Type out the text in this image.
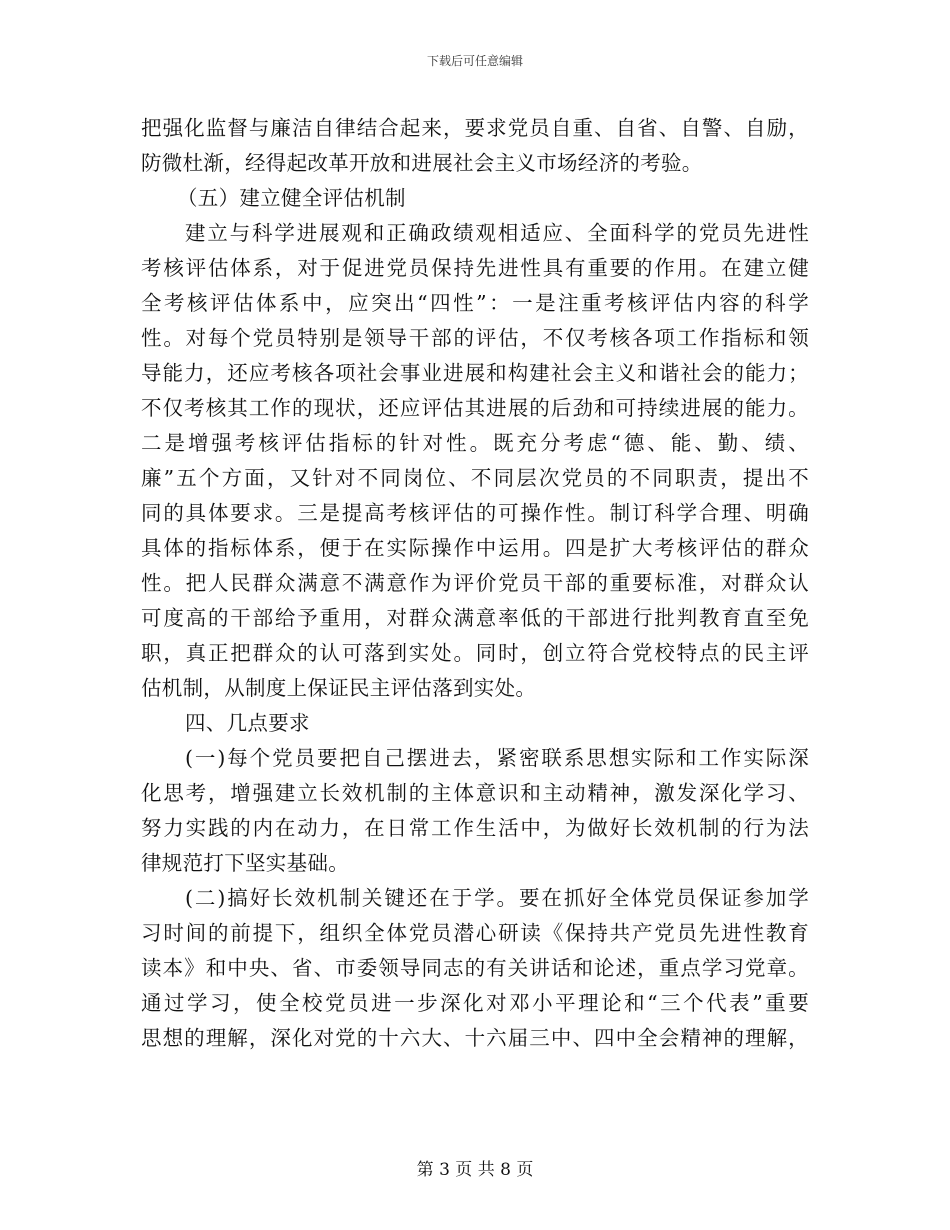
下载后可任意编辑
把强化监督与廉洁自律结合起来，要求党员自重、自省、自警、自励，
防微杜渐，经得起改革开放和进展社会主义市场经济的考验。
（五）建立健全评估机制
建立与科学进展观和正确政绩观相适应、全面科学的党员先进性
考核评估体系，对于促进党员保持先进性具有重要的作用。在建立健
全考核评估体系中，应突出“四性”：一是注重考核评估内容的科学
性。对每个党员特别是领导干部的评估，不仅考核各项工作指标和领
导能力，还应考核各项社会事业进展和构建社会主义和谐社会的能力；
不仅考核其工作的现状，还应评估其进展的后劲和可持续进展的能力。
二是增强考核评估指标的针对性。既充分考虑“德、能、勤、绩、
廉”五个方面，又针对不同岗位、不同层次党员的不同职责，提出不
同的具体要求。三是提高考核评估的可操作性。制订科学合理、明确
具体的指标体系，便于在实际操作中运用。四是扩大考核评估的群众
性。把人民群众满意不满意作为评价党员干部的重要标准，对群众认
可度高的干部给予重用，对群众满意率低的干部进行批判教育直至免
职，真正把群众的认可落到实处。同时，创立符合党校特点的民主评
估机制，从制度上保证民主评估落到实处。
四、几点要求
(一)每个党员要把自己摆进去，紧密联系思想实际和工作实际深
化思考，增强建立长效机制的主体意识和主动精神，激发深化学习、
努力实践的内在动力，在日常工作生活中，为做好长效机制的行为法
律规范打下坚实基础。
(二)搞好长效机制关键还在于学。要在抓好全体党员保证参加学
习时间的前提下，组织全体党员潜心研读《保持共产党员先进性教育
读本》和中央、省、市委领导同志的有关讲话和论述，重点学习党章。
通过学习，使全校党员进一步深化对邓小平理论和“三个代表”重要
思想的理解，深化对党的十六大、十六届三中、四中全会精神的理解，
第 3 页 共 8 页
